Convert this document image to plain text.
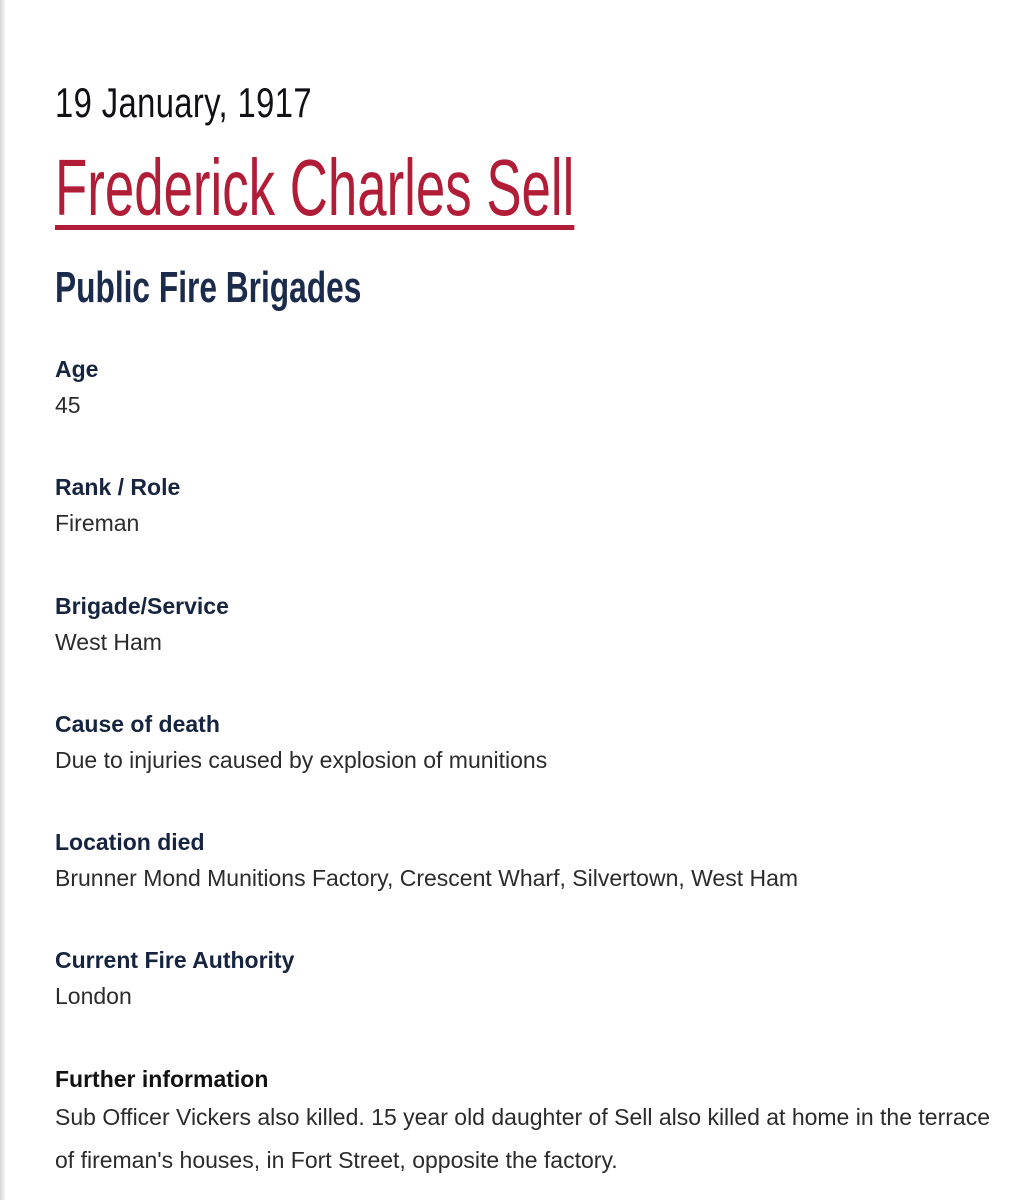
19 January, 1917
Frederick Charles Sell
Public Fire Brigades

Age

45

Rank / Role

Fireman

Brigade/Service

West Ham

Cause of death

Due to injuries caused by explosion of munitions

Location died

Brunner Mond Munitions Factory, Crescent Wharf, Silvertown, West Ham

Current Fire Authority

London

Further information

Sub Officer Vickers also killed. 15 year old daughter of Sell also killed at home in the terrace of fireman's houses, in Fort Street, opposite the factory.
